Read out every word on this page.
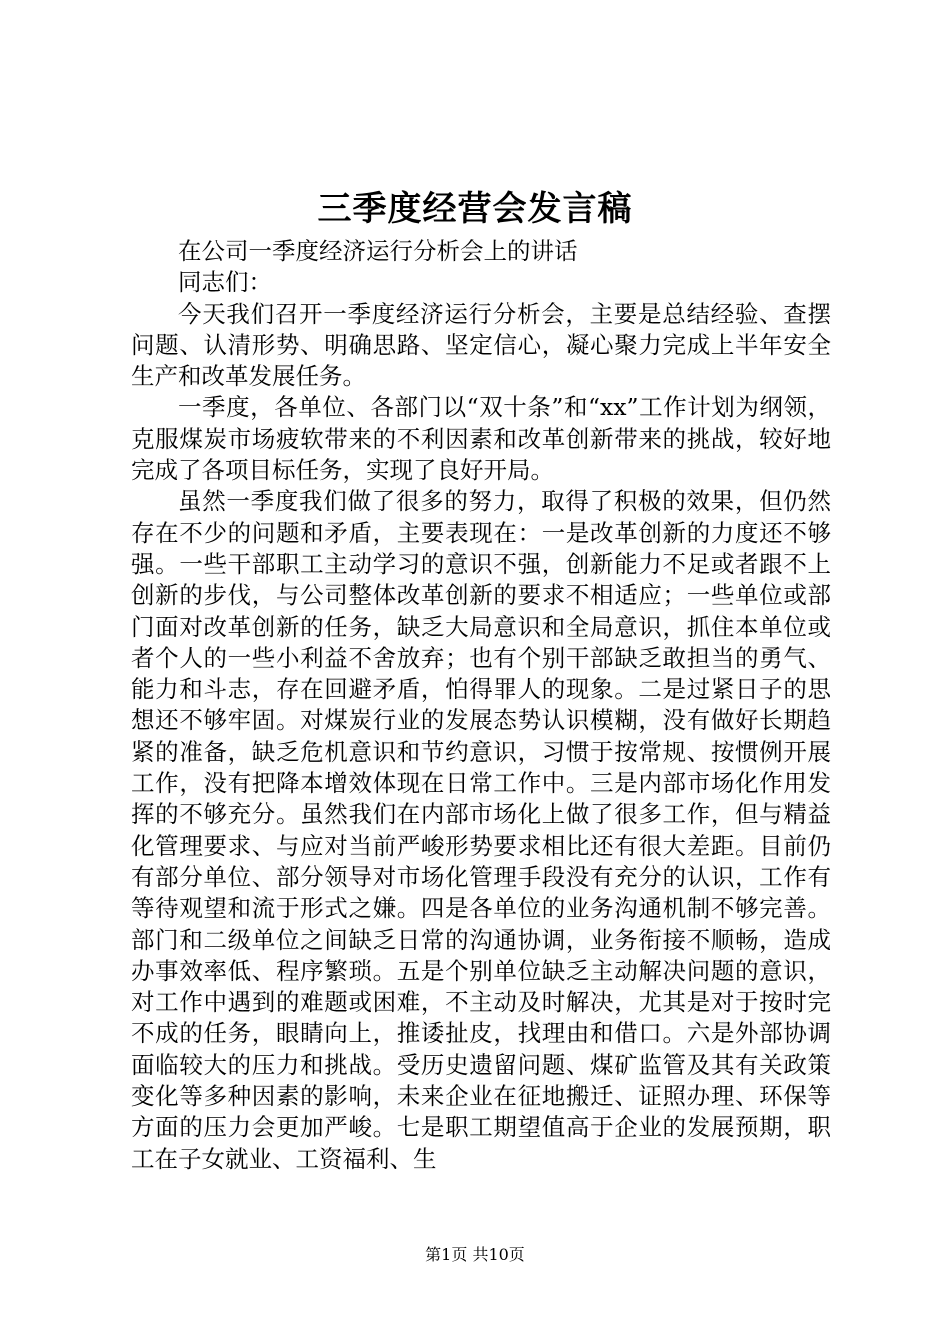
三季度经营会发言稿

在公司一季度经济运行分析会上的讲话

同志们：

今天我们召开一季度经济运行分析会，主要是总结经验、查摆问题、认清形势、明确思路、坚定信心，凝心聚力完成上半年安全生产和改革发展任务。

一季度，各单位、各部门以“双十条”和“xx”工作计划为纲领，克服煤炭市场疲软带来的不利因素和改革创新带来的挑战，较好地完成了各项目标任务，实现了良好开局。

虽然一季度我们做了很多的努力，取得了积极的效果，但仍然存在不少的问题和矛盾，主要表现在：一是改革创新的力度还不够强。一些干部职工主动学习的意识不强，创新能力不足或者跟不上创新的步伐，与公司整体改革创新的要求不相适应；一些单位或部门面对改革创新的任务，缺乏大局意识和全局意识，抓住本单位或者个人的一些小利益不舍放弃；也有个别干部缺乏敢担当的勇气、能力和斗志，存在回避矛盾，怕得罪人的现象。二是过紧日子的思想还不够牢固。对煤炭行业的发展态势认识模糊，没有做好长期趋紧的准备，缺乏危机意识和节约意识，习惯于按常规、按惯例开展工作，没有把降本增效体现在日常工作中。三是内部市场化作用发挥的不够充分。虽然我们在内部市场化上做了很多工作，但与精益化管理要求、与应对当前严峻形势要求相比还有很大差距。目前仍有部分单位、部分领导对市场化管理手段没有充分的认识，工作有等待观望和流于形式之嫌。四是各单位的业务沟通机制不够完善。部门和二级单位之间缺乏日常的沟通协调，业务衔接不顺畅，造成办事效率低、程序繁琐。五是个别单位缺乏主动解决问题的意识，对工作中遇到的难题或困难，不主动及时解决，尤其是对于按时完不成的任务，眼睛向上，推诿扯皮，找理由和借口。六是外部协调面临较大的压力和挑战。受历史遗留问题、煤矿监管及其有关政策变化等多种因素的影响，未来企业在征地搬迁、证照办理、环保等方面的压力会更加严峻。七是职工期望值高于企业的发展预期，职工在子女就业、工资福利、生

第1页 共10页
